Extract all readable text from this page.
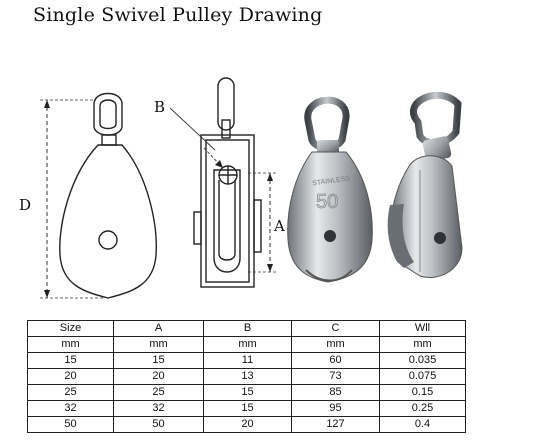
Single Swivel Pulley Drawing
D
B
A
STAINLESS
50
Size	A	B	C	Wll
mm	mm	mm	mm	mm
15	15	11	60	0.035
20	20	13	73	0.075
25	25	15	85	0.15
32	32	15	95	0.25
50	50	20	127	0.4
